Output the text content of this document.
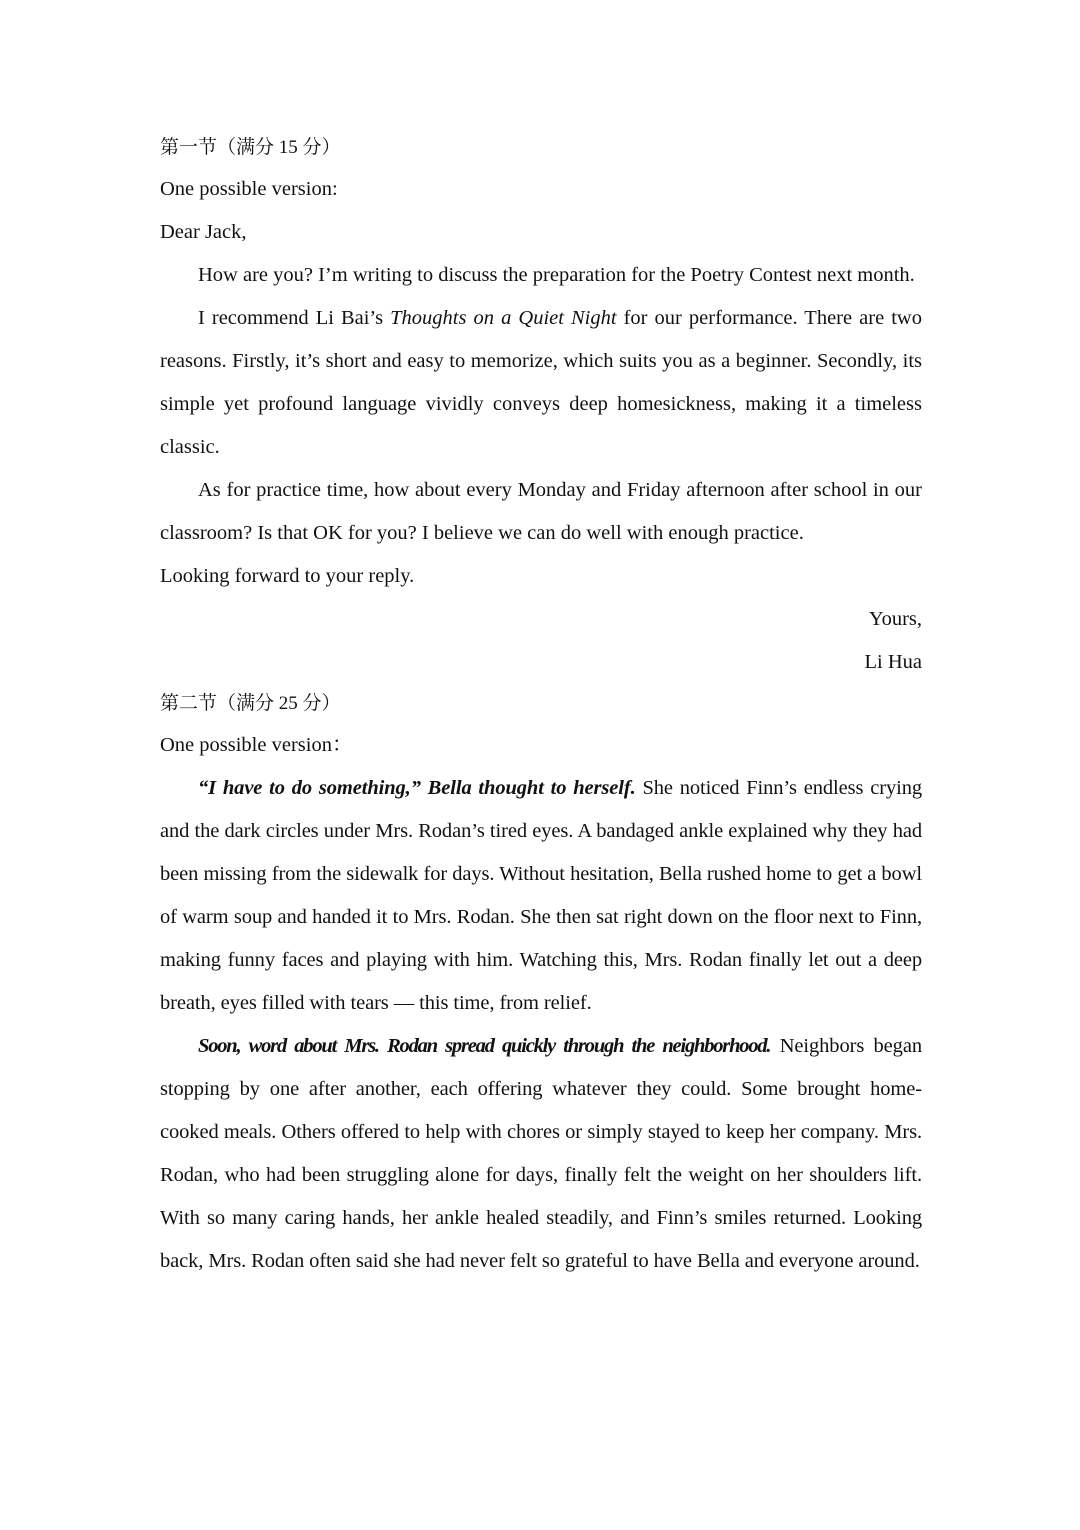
第一节（满分 15 分）
One possible version:
Dear Jack,

How are you? I’m writing to discuss the preparation for the Poetry Contest next month.

I recommend Li Bai’s Thoughts on a Quiet Night for our performance. There are two reasons. Firstly, it’s short and easy to memorize, which suits you as a beginner. Secondly, its simple yet profound language vividly conveys deep homesickness, making it a timeless classic.

As for practice time, how about every Monday and Friday afternoon after school in our classroom? Is that OK for you? I believe we can do well with enough practice.

Looking forward to your reply.
Yours,
Li Hua
第二节（满分 25 分）
One possible version：

“I have to do something,” Bella thought to herself. She noticed Finn’s endless crying and the dark circles under Mrs. Rodan’s tired eyes. A bandaged ankle explained why they had been missing from the sidewalk for days. Without hesitation, Bella rushed home to get a bowl of warm soup and handed it to Mrs. Rodan. She then sat right down on the floor next to Finn, making funny faces and playing with him. Watching this, Mrs. Rodan finally let out a deep breath, eyes filled with tears — this time, from relief.

Soon, word about Mrs. Rodan spread quickly through the neighborhood. Neighbors began stopping by one after another, each offering whatever they could. Some brought home-cooked meals. Others offered to help with chores or simply stayed to keep her company. Mrs. Rodan, who had been struggling alone for days, finally felt the weight on her shoulders lift. With so many caring hands, her ankle healed steadily, and Finn’s smiles returned. Looking back, Mrs. Rodan often said she had never felt so grateful to have Bella and everyone around.
